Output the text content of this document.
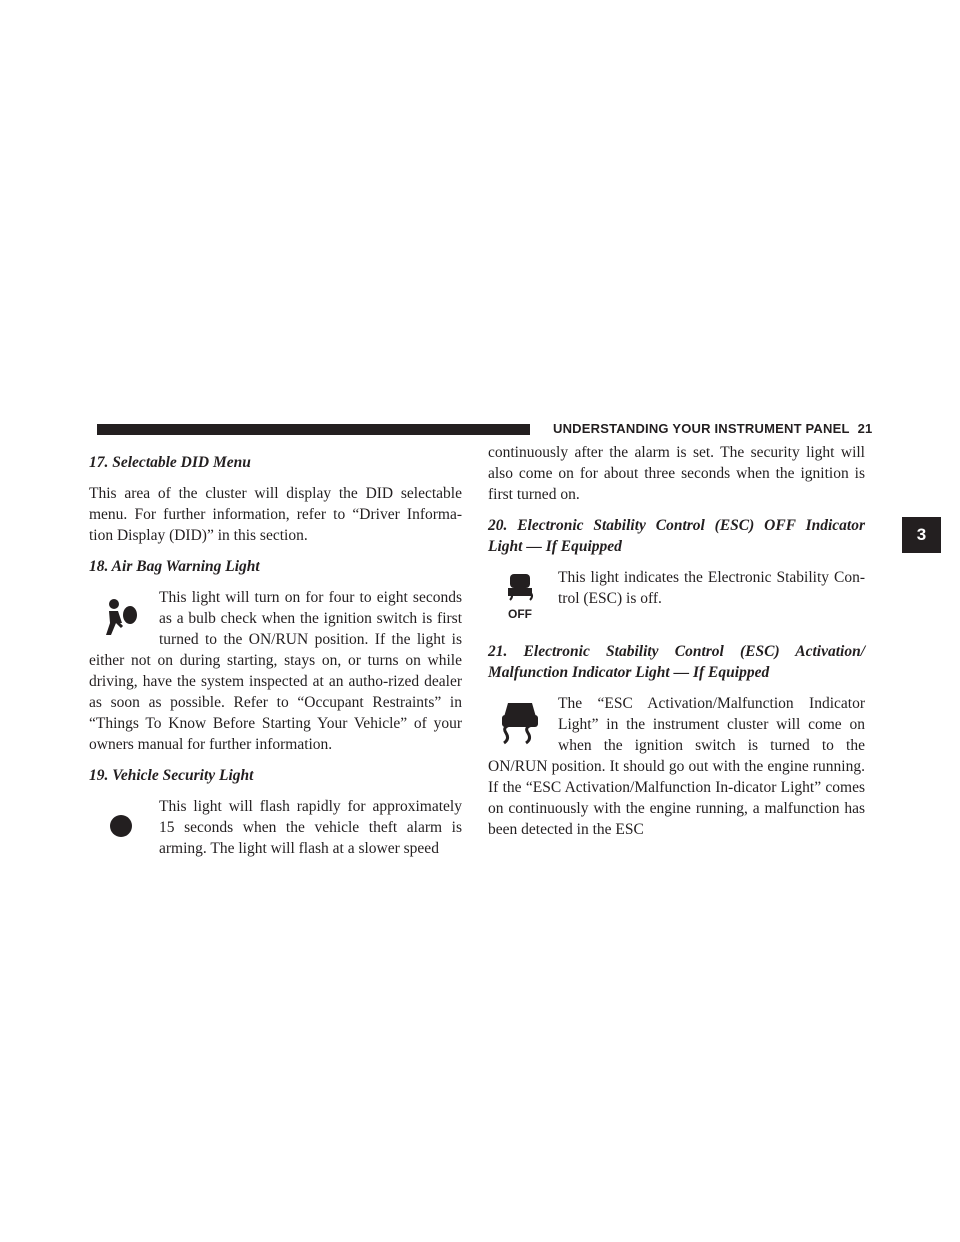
UNDERSTANDING YOUR INSTRUMENT PANEL 21
3

17. Selectable DID Menu

This area of the cluster will display the DID selectable menu. For further information, refer to “Driver Informa-tion Display (DID)” in this section.

18. Air Bag Warning Light

This light will turn on for four to eight seconds as a bulb check when the ignition switch is first turned to the ON/RUN position. If the light is either not on during starting, stays on, or turns on while driving, have the system inspected at an autho-rized dealer as soon as possible. Refer to “Occupant Restraints” in “Things To Know Before Starting Your Vehicle” of your owners manual for further information.

19. Vehicle Security Light

This light will flash rapidly for approximately 15 seconds when the vehicle theft alarm is arming. The light will flash at a slower speed

continuously after the alarm is set. The security light will also come on for about three seconds when the ignition is first turned on.

20. Electronic Stability Control (ESC) OFF Indicator Light — If Equipped

OFF

This light indicates the Electronic Stability Con-trol (ESC) is off.

21. Electronic Stability Control (ESC) Activation/ Malfunction Indicator Light — If Equipped

The “ESC Activation/Malfunction Indicator Light” in the instrument cluster will come on when the ignition switch is turned to the ON/RUN position. It should go out with the engine running. If the “ESC Activation/Malfunction In-dicator Light” comes on continuously with the engine running, a malfunction has been detected in the ESC
